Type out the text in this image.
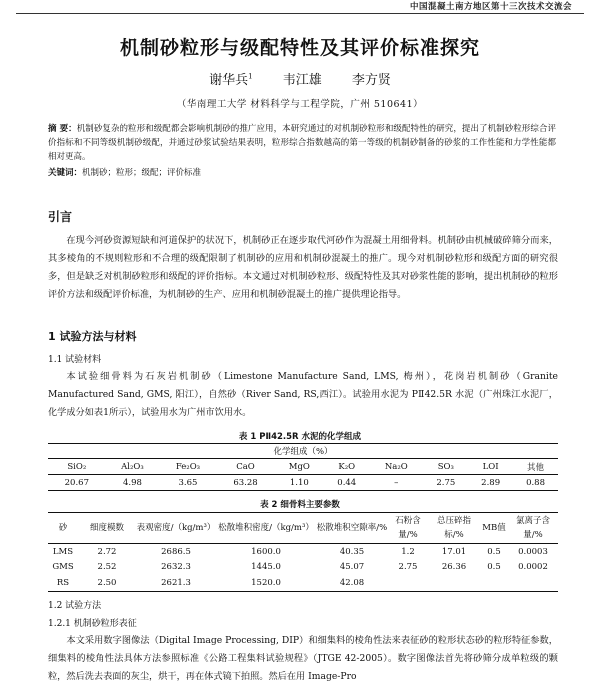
中国混凝土南方地区第十三次技术交流会
机制砂粒形与级配特性及其评价标准探究
谢华兵$^1$ 韦江雄 李方贤
（华南理工大学 材料科学与工程学院，广州 510641）
摘 要：机制砂复杂的粒形和级配都会影响机制砂的推广应用，本研究通过的对机制砂粒形和级配特性的研究，提出了机制砂粒形综合评价指标和不同等级机制砂级配，并通过砂浆试验结果表明，粒形综合指数越高的第一等级的机制砂制备的砂浆的工作性能和力学性能都相对更高。
关键词：机制砂；粒形；级配；评价标准
引言
在现今河砂资源短缺和河道保护的状况下，机制砂正在逐步取代河砂作为混凝土用细骨料。机制砂由机械破碎筛分而来，其多棱角的不规则粒形和不合理的级配限制了机制砂的应用和机制砂混凝土的推广。现今对机制砂粒形和级配方面的研究很多，但是缺乏对机制砂粒形和级配的评价指标。本文通过对机制砂粒形、级配特性及其对砂浆性能的影响，提出机制砂的粒形评价方法和级配评价标准，为机制砂的生产、应用和机制砂混凝土的推广提供理论指导。
1 试验方法与材料
1.1 试验材料
本试验细骨料为石灰岩机制砂（Limestone Manufacture Sand, LMS, 梅州），花岗岩机制砂（Granite Manufactured Sand, GMS, 阳江），自然砂（River Sand, RS,西江）。试验用水泥为 PⅡ42.5R 水泥（广州珠江水泥厂，化学成分如表1所示），试验用水为广州市饮用水。
表 1 PⅡ42.5R 水泥的化学组成
化学组成（%）									
SiO₂	Al₂O₃	Fe₂O₃	CaO	MgO	K₂O	Na₂O	SO₃	LOI	其他
20.67	4.98	3.65	63.28	1.10	0.44	–	2.75	2.89	0.88
表 2 细骨料主要参数
砂	细度模数	表观密度/（kg/m³）	松散堆积密度/（kg/m³）	松散堆积空隙率/%	石粉含量/%	总压碎指标/%	MB值	氯离子含量/%
LMS	2.72	2686.5	1600.0	40.35	1.2	17.01	0.5	0.0003
GMS	2.52	2632.3	1445.0	45.07	2.75	26.36	0.5	0.0002
RS	2.50	2621.3	1520.0	42.08				
1.2 试验方法
1.2.1 机制砂粒形表征
本文采用数字图像法（Digital Image Processing, DIP）和细集料的棱角性法来表征砂的粒形状态砂的粒形特征参数，细集料的棱角性法具体方法参照标准《公路工程集料试验规程》（JTGE 42-2005）。数字图像法首先将砂筛分成单粒级的颗粒，然后洗去表面的灰尘，烘干，再在体式镜下拍照。然后在用 Image-Pro
